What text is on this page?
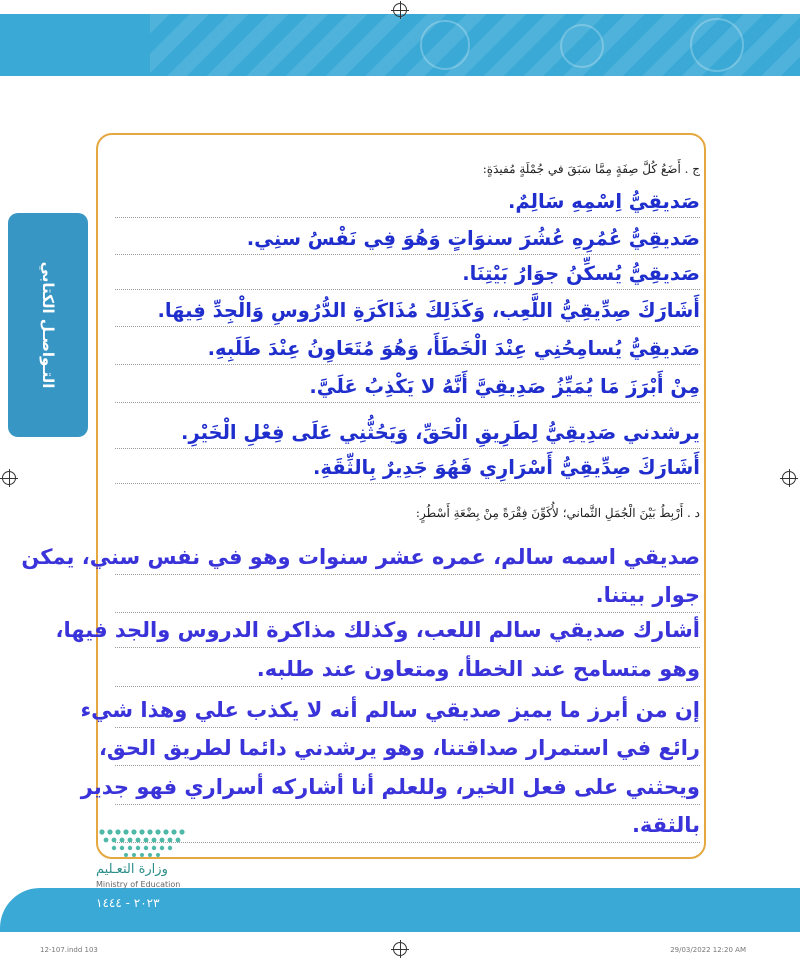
التـواصـل الكتابي
ج . أَضَعُ كُلَّ صِفَةٍ مِمَّا سَبَقَ في جُمْلَةٍ مُفيدَةٍ:
صَديقِيُّ اِسْمِهِ سَالِمٌ.
صَديقِيُّ عُمُرِهِ عُشُرَ سنوَاتٍ وَهُوَ فِي نَفْسُ سنِي.
صَديقِيُّ يُسكِّنُ جوَارُ بَيْتِنَا.
أَشَارَكَ صِدِّيقِيُّ اللَّعِب، وَكَذَلِكَ مُذَاكَرَةِ الدُّرُوسِ وَالْجِدِّ فِيهَا.
صَديقِيُّ يُسامِحُنِي عِنْدَ الْخَطَأَ، وَهُوَ مُتَعَاوِنُ عِنْدَ طَلَبِهِ.
مِنْ أَبْرَزَ مَا يُمَيِّزُ صَدِيقِيَّ أَنَّهُ لا يَكْذِبُ عَلَيَّ.
يرشدني صَدِيقِيُّ لِطَرِيقِ الْحَقِّ، وَيَحُثُّنِي عَلَى فِعْلِ الْخَيْرِ.
أَشَارَكَ صِدِّيقِيُّ أَسْرَارِي فَهُوَ جَدِيرٌ بِالثِّقَةِ.
د . أَرْبِطُ بَيْنَ الْجُمَلِ الثَّماني؛ لأُكَوِّنَ فِقْرَةً مِنْ بِضْعَةِ أَسْطُرٍ:
صديقي اسمه سالم، عمره عشر سنوات وهو في نفس سني، يمكن
جوار بيتنا.
أشارك صديقي سالم اللعب، وكذلك مذاكرة الدروس والجد فيها،
وهو متسامح عند الخطأ، ومتعاون عند طلبه.
إن من أبرز ما يميز صديقي سالم أنه لا يكذب علي وهذا شيء
رائع في استمرار صداقتنا، وهو يرشدني دائما لطريق الحق،
ويحثني على فعل الخير، وللعلم أنا أشاركه أسراري فهو جدير
بالثقة.
وزارة التعـليم
Ministry of Education
٢٠٢٣ - ١٤٤٤
12-107.indd 103	29/03/2022 12:20 AM
